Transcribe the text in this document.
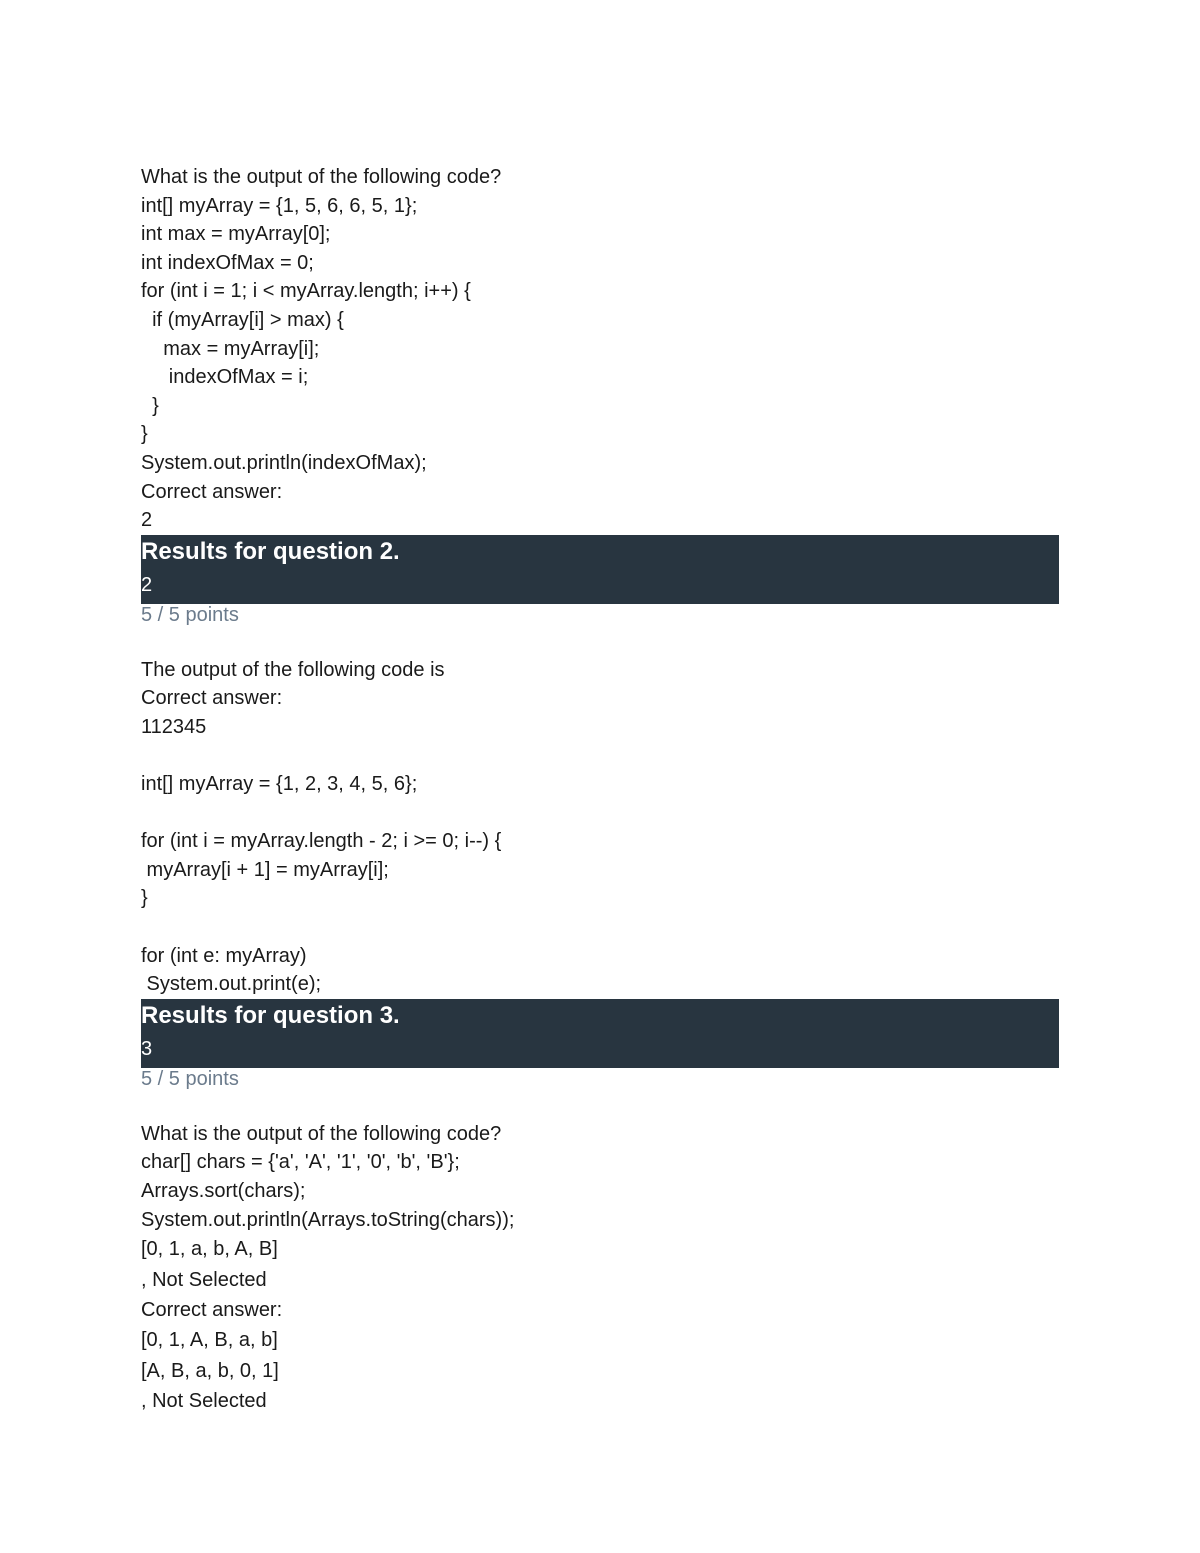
What is the output of the following code?
int[] myArray = {1, 5, 6, 6, 5, 1};
int max = myArray[0];
int indexOfMax = 0;
for (int i = 1; i < myArray.length; i++) {
if (myArray[i] > max) {
max = myArray[i];
indexOfMax = i;
}
}
System.out.println(indexOfMax);
Correct answer:
2
Results for question 2.
2
5 / 5 points
The output of the following code is
Correct answer:
112345
int[] myArray = {1, 2, 3, 4, 5, 6};
for (int i = myArray.length - 2; i >= 0; i--) {
myArray[i + 1] = myArray[i];
}
for (int e: myArray)
System.out.print(e);
Results for question 3.
3
5 / 5 points
What is the output of the following code?
char[] chars = {'a', 'A', '1', '0', 'b', 'B'};
Arrays.sort(chars);
System.out.println(Arrays.toString(chars));
[0, 1, a, b, A, B]
, Not Selected
Correct answer:
[0, 1, A, B, a, b]
[A, B, a, b, 0, 1]
, Not Selected
